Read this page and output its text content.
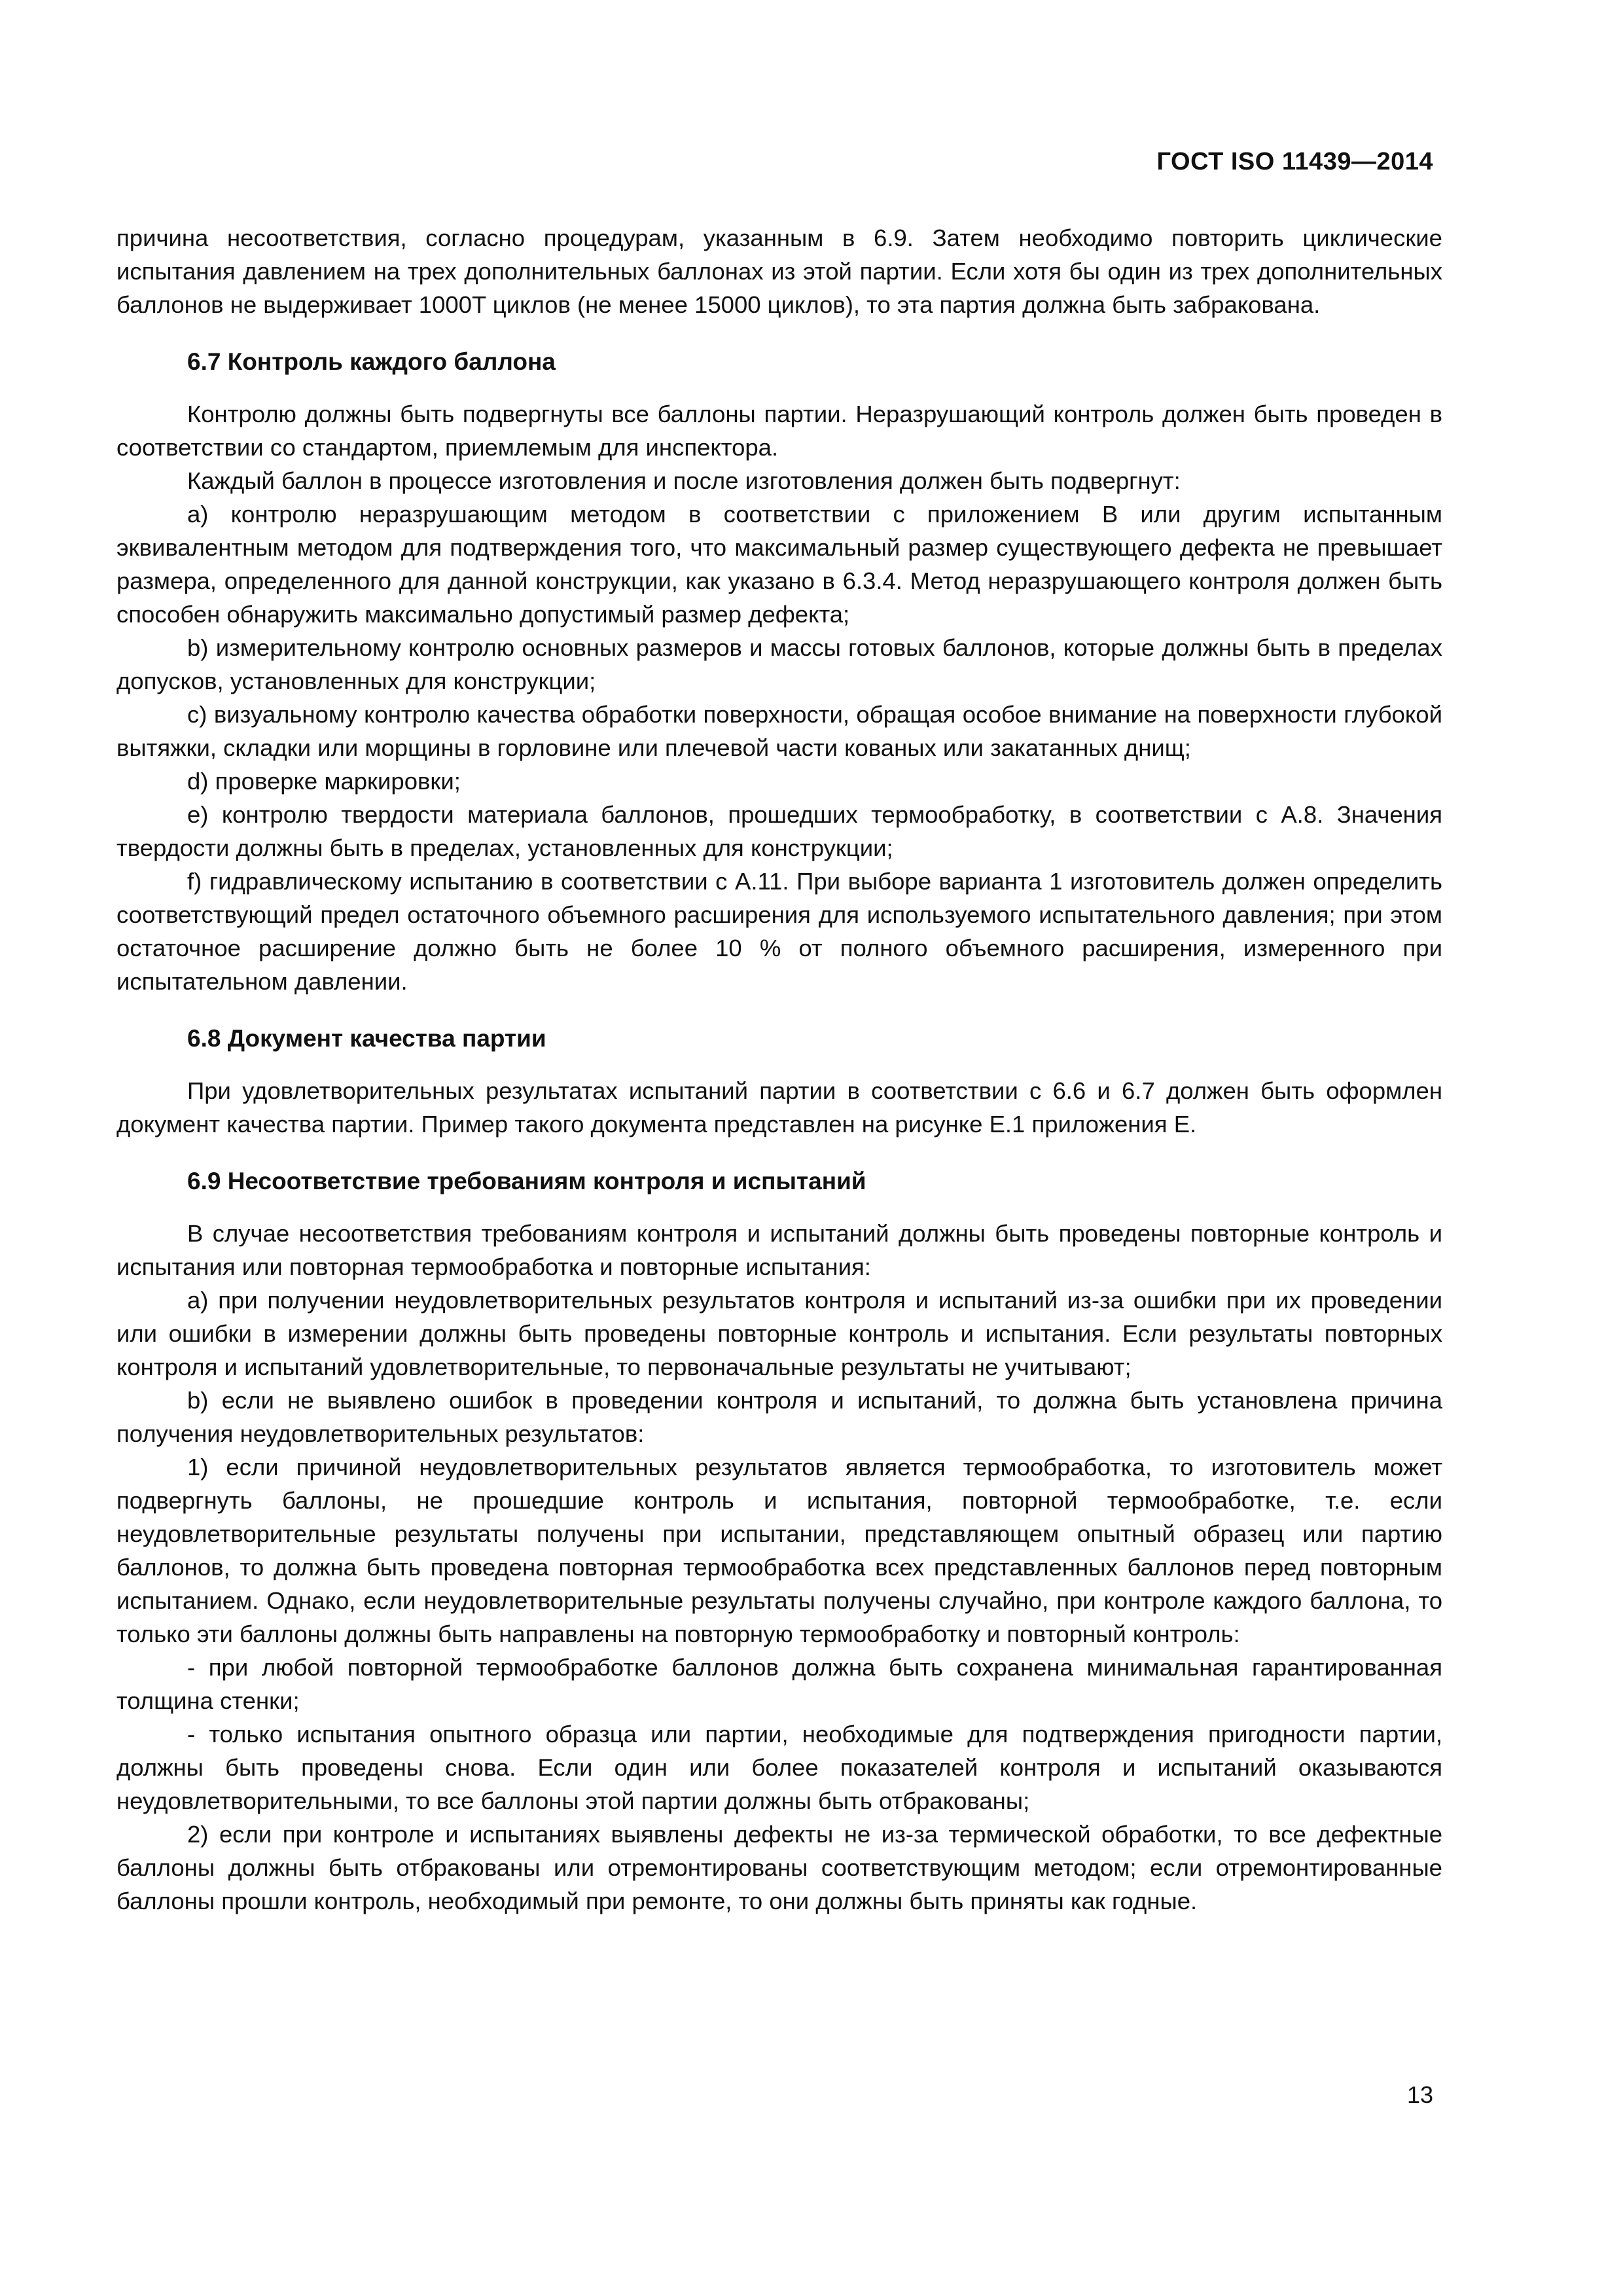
ГОСТ ISO 11439—2014

причина несоответствия, согласно процедурам, указанным в 6.9. Затем необходимо повторить циклические испытания давлением на трех дополнительных баллонах из этой партии. Если хотя бы один из трех дополнительных баллонов не выдерживает 1000T циклов (не менее 15000 циклов), то эта партия должна быть забракована.

6.7 Контроль каждого баллона

Контролю должны быть подвергнуты все баллоны партии. Неразрушающий контроль должен быть проведен в соответствии со стандартом, приемлемым для инспектора.

Каждый баллон в процессе изготовления и после изготовления должен быть подвергнут:

a) контролю неразрушающим методом в соответствии с приложением B или другим испытанным эквивалентным методом для подтверждения того, что максимальный размер существующего дефекта не превышает размера, определенного для данной конструкции, как указано в 6.3.4. Метод неразрушающего контроля должен быть способен обнаружить максимально допустимый размер дефекта;

b) измерительному контролю основных размеров и массы готовых баллонов, которые должны быть в пределах допусков, установленных для конструкции;

c) визуальному контролю качества обработки поверхности, обращая особое внимание на поверхности глубокой вытяжки, складки или морщины в горловине или плечевой части кованых или закатанных днищ;

d) проверке маркировки;

e) контролю твердости материала баллонов, прошедших термообработку, в соответствии с A.8. Значения твердости должны быть в пределах, установленных для конструкции;

f) гидравлическому испытанию в соответствии с A.11. При выборе варианта 1 изготовитель должен определить соответствующий предел остаточного объемного расширения для используемого испытательного давления; при этом остаточное расширение должно быть не более 10 % от полного объемного расширения, измеренного при испытательном давлении.

6.8 Документ качества партии

При удовлетворительных результатах испытаний партии в соответствии с 6.6 и 6.7 должен быть оформлен документ качества партии. Пример такого документа представлен на рисунке E.1 приложения E.

6.9 Несоответствие требованиям контроля и испытаний

В случае несоответствия требованиям контроля и испытаний должны быть проведены повторные контроль и испытания или повторная термообработка и повторные испытания:

a) при получении неудовлетворительных результатов контроля и испытаний из-за ошибки при их проведении или ошибки в измерении должны быть проведены повторные контроль и испытания. Если результаты повторных контроля и испытаний удовлетворительные, то первоначальные результаты не учитывают;

b) если не выявлено ошибок в проведении контроля и испытаний, то должна быть установлена причина получения неудовлетворительных результатов:

1) если причиной неудовлетворительных результатов является термообработка, то изготовитель может подвергнуть баллоны, не прошедшие контроль и испытания, повторной термообработке, т.е. если неудовлетворительные результаты получены при испытании, представляющем опытный образец или партию баллонов, то должна быть проведена повторная термообработка всех представленных баллонов перед повторным испытанием. Однако, если неудовлетворительные результаты получены случайно, при контроле каждого баллона, то только эти баллоны должны быть направлены на повторную термообработку и повторный контроль:

- при любой повторной термообработке баллонов должна быть сохранена минимальная гарантированная толщина стенки;

- только испытания опытного образца или партии, необходимые для подтверждения пригодности партии, должны быть проведены снова. Если один или более показателей контроля и испытаний оказываются неудовлетворительными, то все баллоны этой партии должны быть отбракованы;

2) если при контроле и испытаниях выявлены дефекты не из-за термической обработки, то все дефектные баллоны должны быть отбракованы или отремонтированы соответствующим методом; если отремонтированные баллоны прошли контроль, необходимый при ремонте, то они должны быть приняты как годные.

13
